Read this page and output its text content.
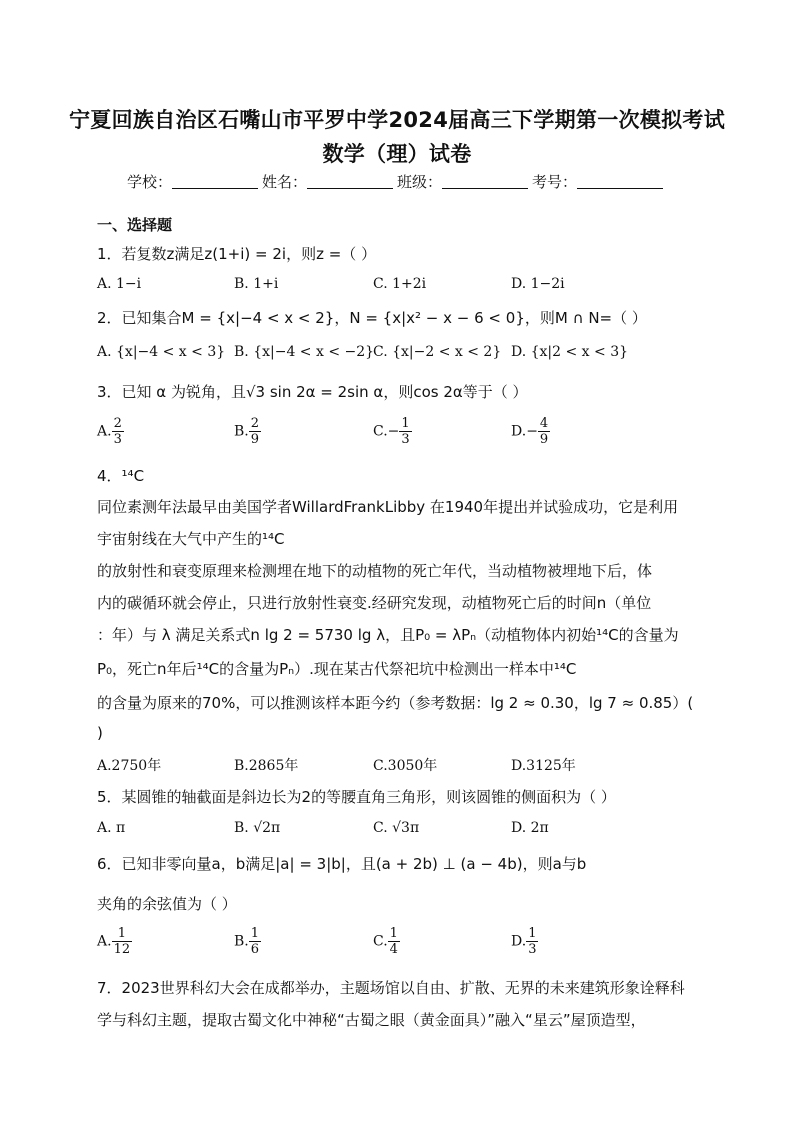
宁夏回族自治区石嘴山市平罗中学2024届高三下学期第一次模拟考试
数学（理）试卷
学校：	姓名：	班级：	考号：
一、选择题
1．若复数z满足z(1+i) = 2i，则z =（ ）
A. 1−i	B. 1+i	C. 1+2i	D. 1−2i
2．已知集合M = {x|−4 < x < 2}，N = {x|x² − x − 6 < 0}，则M ∩ N=（ ）
A. {x|−4 < x < 3} B. {x|−4 < x < −2}
C. {x|−2 < x < 2} D. {x|2 < x < 3}
3．已知 α 为锐角，且√3 sin 2α = 2sin α，则cos 2α等于（ ）
A. $\frac{2}{3}$	B. $\frac{2}{9}$	$C.- \frac{1}{3}$	$D.- \frac{4}{9}$
4．¹⁴C
同位素测年法最早由美国学者WillardFrankLibby 在1940年提出并试验成功，它是利用
宇宙射线在大气中产生的¹⁴C
的放射性和衰变原理来检测埋在地下的动植物的死亡年代，当动植物被埋地下后，体
内的碳循环就会停止，只进行放射性衰变.经研究发现，动植物死亡后的时间n（单位
：年）与 λ 满足关系式n lg 2 = 5730 lg λ，且P₀ = λPₙ（动植物体内初始¹⁴C的含量为
P₀，死亡n年后¹⁴C的含量为Pₙ）.现在某古代祭祀坑中检测出一样本中¹⁴C
的含量为原来的70%，可以推测该样本距今约（参考数据：lg 2 ≈ 0.30，lg 7 ≈ 0.85）(
)
A.2750年	B.2865年	C.3050年	D.3125年
5．某圆锥的轴截面是斜边长为2的等腰直角三角形，则该圆锥的侧面积为（ ）
A. π	B. √2π	C. √3π	D. 2π
6．已知非零向量a，b满足|a| = 3|b|，且(a + 2b) ⊥ (a − 4b)，则a与b
夹角的余弦值为（ ）
A. $\frac{1}{12}$	B. $\frac{1}{6}$	C. $\frac{1}{4}$	D. $\frac{1}{3}$
7．2023世界科幻大会在成都举办，主题场馆以自由、扩散、无界的未来建筑形象诠释科
学与科幻主题，提取古蜀文化中神秘“古蜀之眼（黄金面具）”融入“星云”屋顶造型，
